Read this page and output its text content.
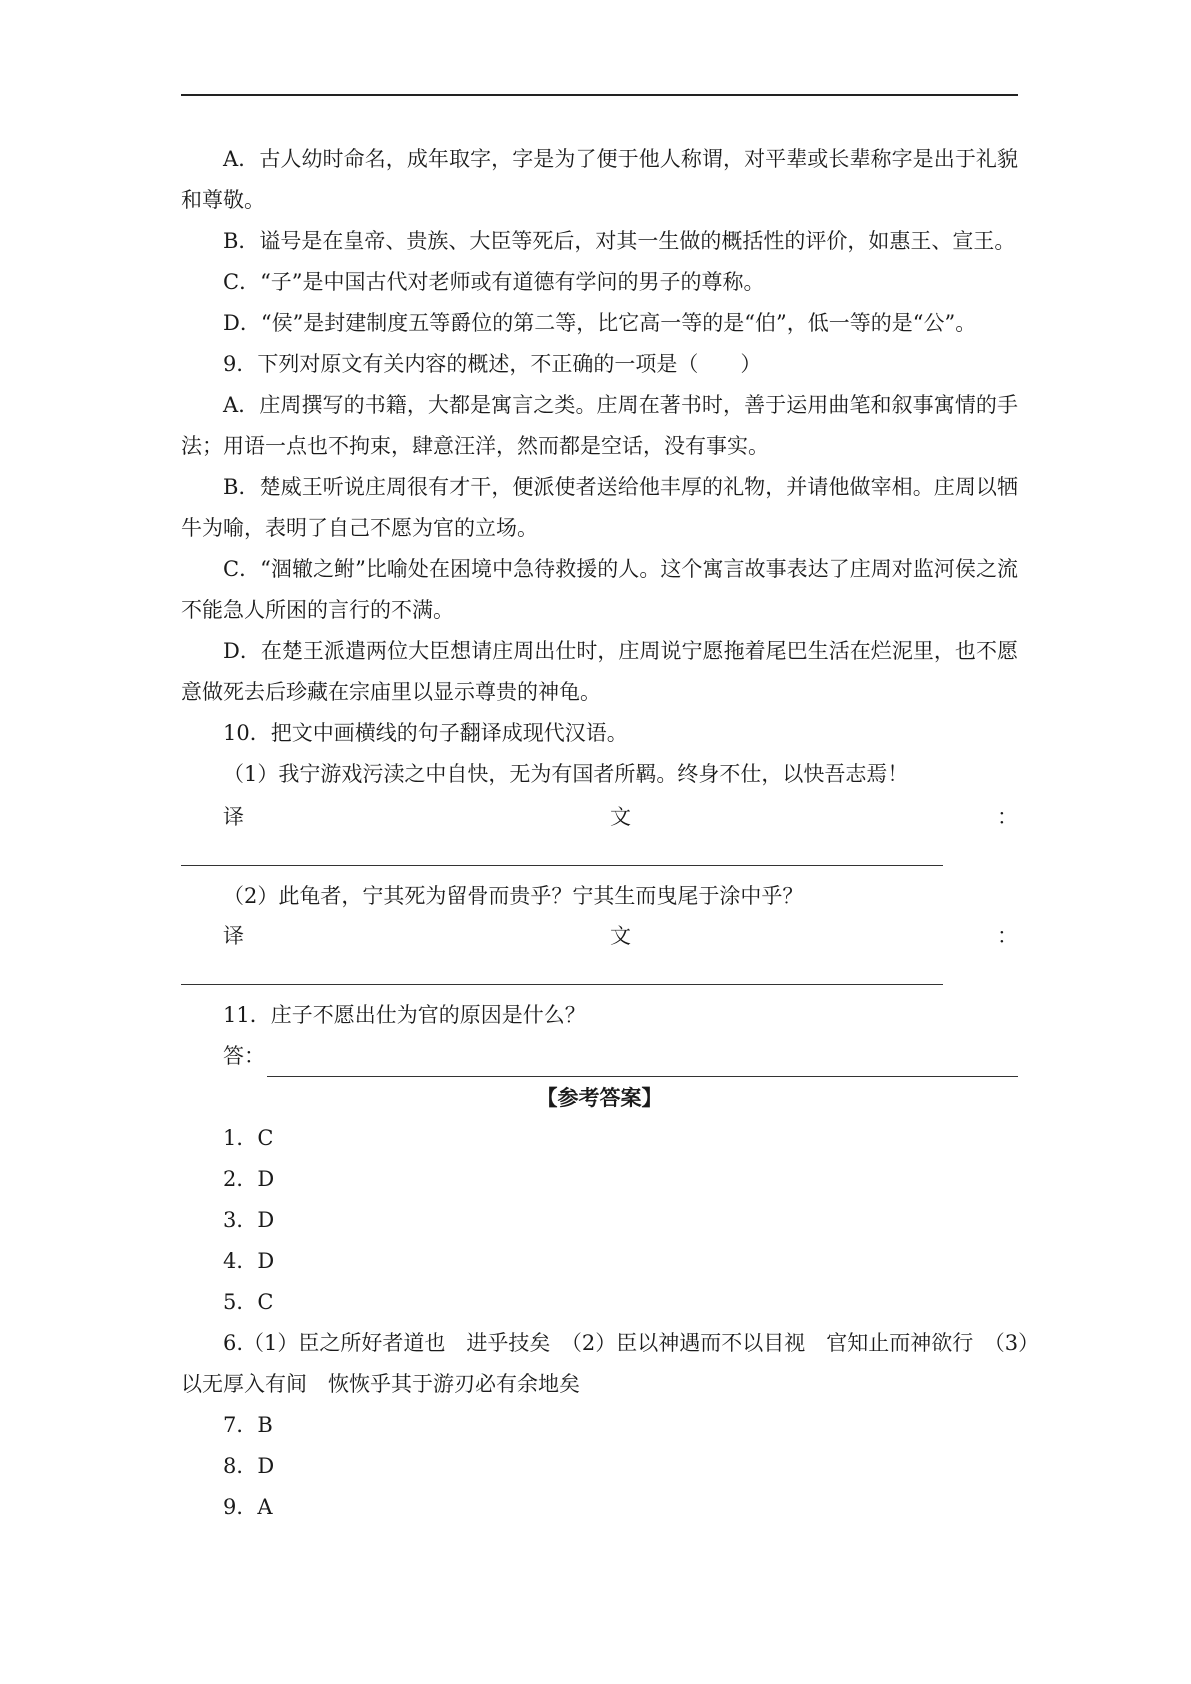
A．古人幼时命名，成年取字，字是为了便于他人称谓，对平辈或长辈称字是出于礼貌
和尊敬。
B．谥号是在皇帝、贵族、大臣等死后，对其一生做的概括性的评价，如惠王、宣王。
C．“子”是中国古代对老师或有道德有学问的男子的尊称。
D．“侯”是封建制度五等爵位的第二等，比它高一等的是“伯”，低一等的是“公”。
9．下列对原文有关内容的概述，不正确的一项是（　　）
A．庄周撰写的书籍，大都是寓言之类。庄周在著书时，善于运用曲笔和叙事寓情的手
法；用语一点也不拘束，肆意汪洋，然而都是空话，没有事实。
B．楚威王听说庄周很有才干，便派使者送给他丰厚的礼物，并请他做宰相。庄周以牺
牛为喻，表明了自己不愿为官的立场。
C．“涸辙之鲋”比喻处在困境中急待救援的人。这个寓言故事表达了庄周对监河侯之流
不能急人所困的言行的不满。
D．在楚王派遣两位大臣想请庄周出仕时，庄周说宁愿拖着尾巴生活在烂泥里，也不愿
意做死去后珍藏在宗庙里以显示尊贵的神龟。
10．把文中画横线的句子翻译成现代汉语。
（1）我宁游戏污渎之中自快，无为有国者所羁。终身不仕，以快吾志焉！
译	文	：
（2）此龟者，宁其死为留骨而贵乎？宁其生而曳尾于涂中乎？
译	文	：
11．庄子不愿出仕为官的原因是什么？
答：
【参考答案】
1．C
2．D
3．D
4．D
5．C
6.（1）臣之所好者道也　进乎技矣　（2）臣以神遇而不以目视　官知止而神欲行　（3）
以无厚入有间　恢恢乎其于游刃必有余地矣
7．B
8．D
9．A
